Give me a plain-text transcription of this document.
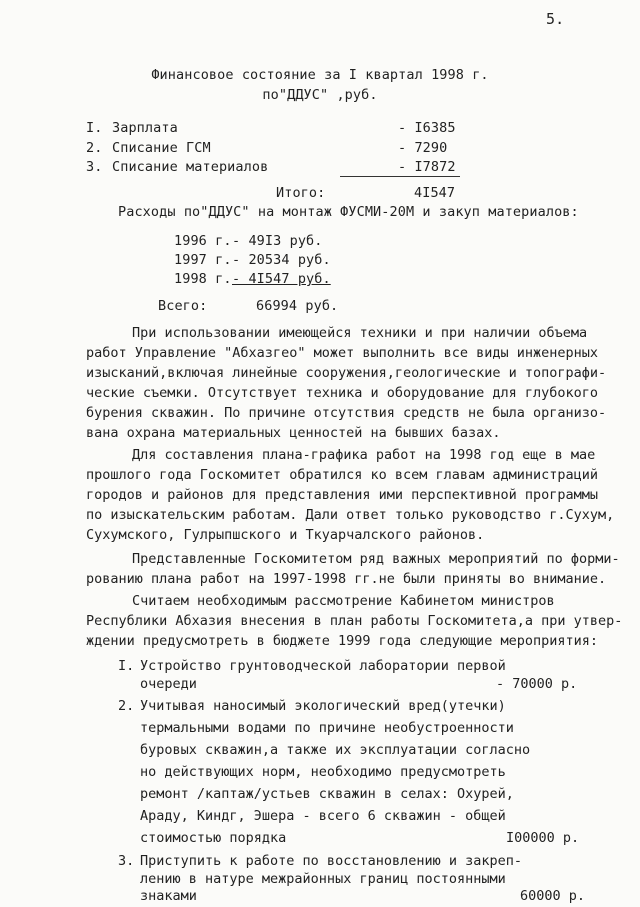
5.
Финансовое состояние за I квартал 1998 г.
по"ДДУС" ,руб.
I. Зарплата	- I6385
2. Списание ГСМ	- 7290
3. Списание материалов	- I7872
Итого:	4I547
Расходы по"ДДУС" на монтаж ФУСМИ-20М и закуп материалов:
1996 г. - 49I3 руб.
1997 г. - 20534 руб.
1998 г. - 4I547 руб.
Всего:	66994 руб.
При использовании имеющейся техники и при наличии объема
работ Управление "Абхазгео" может выполнить все виды инженерных
изысканий,включая линейные сооружения,геологические и топографи-
ческие съемки. Отсутствует техника и оборудование для глубокого
бурения скважин. По причине отсутствия средств не была организо-
вана охрана материальных ценностей на бывших базах.
Для составления плана-графика работ на 1998 год еще в мае
прошлого года Госкомитет обратился ко всем главам администраций
городов и районов для представления ими перспективной программы
по изыскательским работам. Дали ответ только руководство г.Сухум,
Сухумского, Гулрыпшского и Ткуарчалского районов.
Представленные Госкомитетом ряд важных мероприятий по форми-
рованию плана работ на 1997-1998 гг.не были приняты во внимание.
Считаем необходимым рассмотрение Кабинетом министров
Республики Абхазия внесения в план работы Госкомитета,а при утвер-
ждении предусмотреть в бюджете 1999 года следующие мероприятия:
I. Устройство грунтоводческой лаборатории первой
очереди	- 70000 р.
2. Учитывая наносимый экологический вред(утечки)
термальными водами по причине необустроенности
буровых скважин,а также их эксплуатации согласно
но действующих норм, необходимо предусмотреть
ремонт /каптаж/устьев скважин в селах: Охурей,
Араду, Киндг, Эшера - всего 6 скважин - общей
стоимостью порядка	I00000 р.
3. Приступить к работе по восстановлению и закреп-
лению в натуре межрайонных границ постоянными
знаками	60000 р.
